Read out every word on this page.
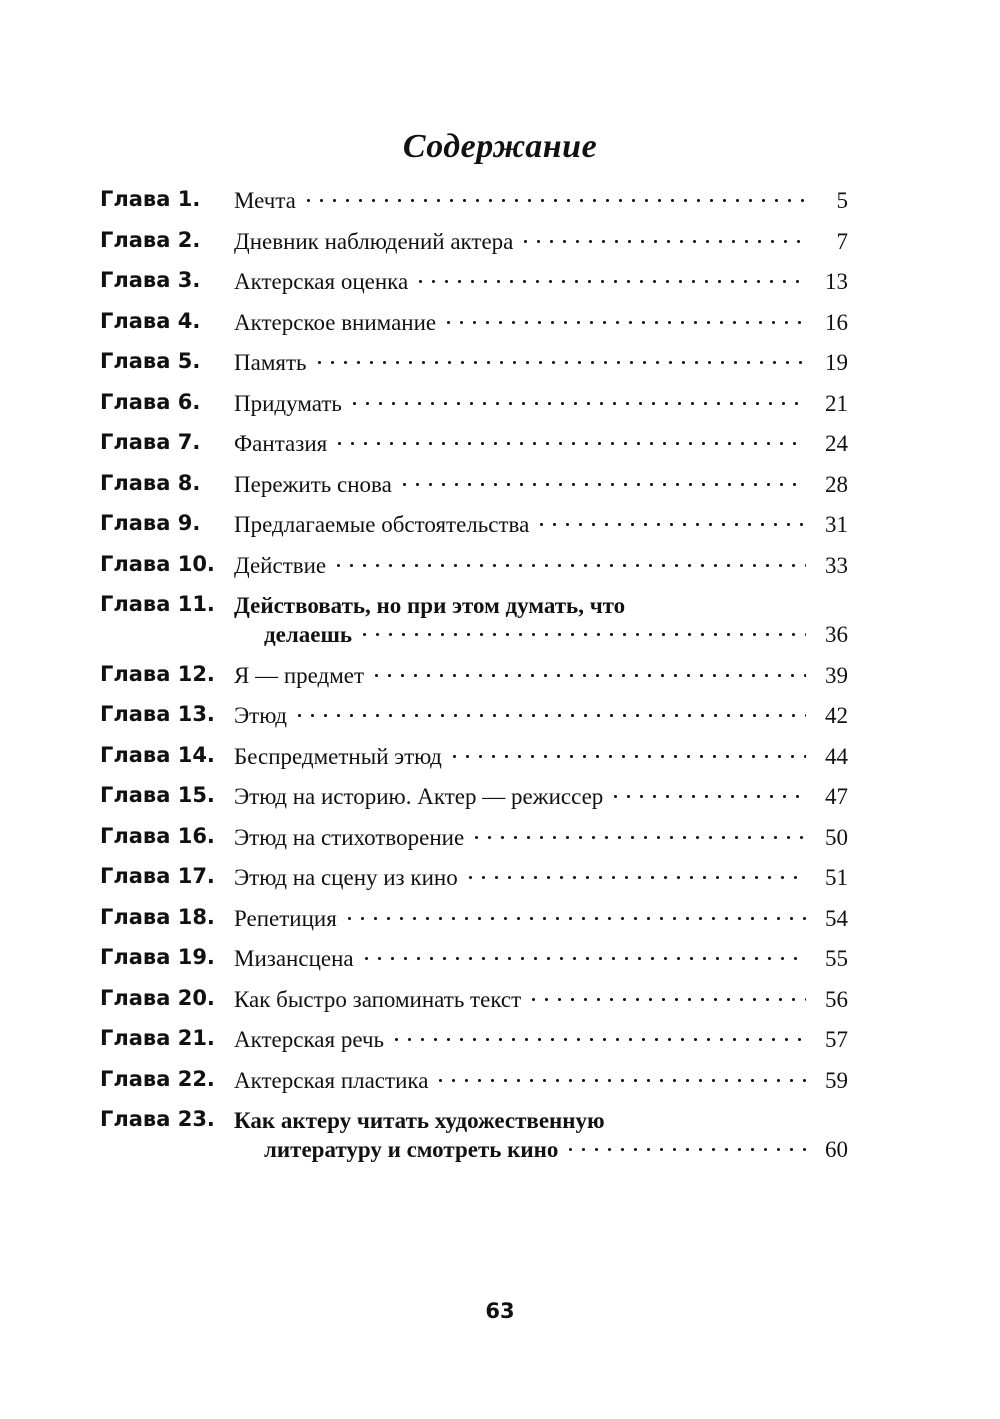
Содержание
Глава 1.	Мечта	5
Глава 2.	Дневник наблюдений актера	7
Глава 3.	Актерская оценка	13
Глава 4.	Актерское внимание	16
Глава 5.	Память	19
Глава 6.	Придумать	21
Глава 7.	Фантазия	24
Глава 8.	Пережить снова	28
Глава 9.	Предлагаемые обстоятельства	31
Глава 10. Действие	33
Глава 11. Действовать, но при этом думать, что
делаешь	36
Глава 12. Я — предмет	39
Глава 13. Этюд	42
Глава 14. Беспредметный этюд	44
Глава 15. Этюд на историю. Актер — режиссер	47
Глава 16. Этюд на стихотворение	50
Глава 17. Этюд на сцену из кино	51
Глава 18. Репетиция	54
Глава 19. Мизансцена	55
Глава 20. Как быстро запоминать текст	56
Глава 21. Актерская речь	57
Глава 22. Актерская пластика	59
Глава 23. Как актеру читать художественную
литературу и смотреть кино	60
63
